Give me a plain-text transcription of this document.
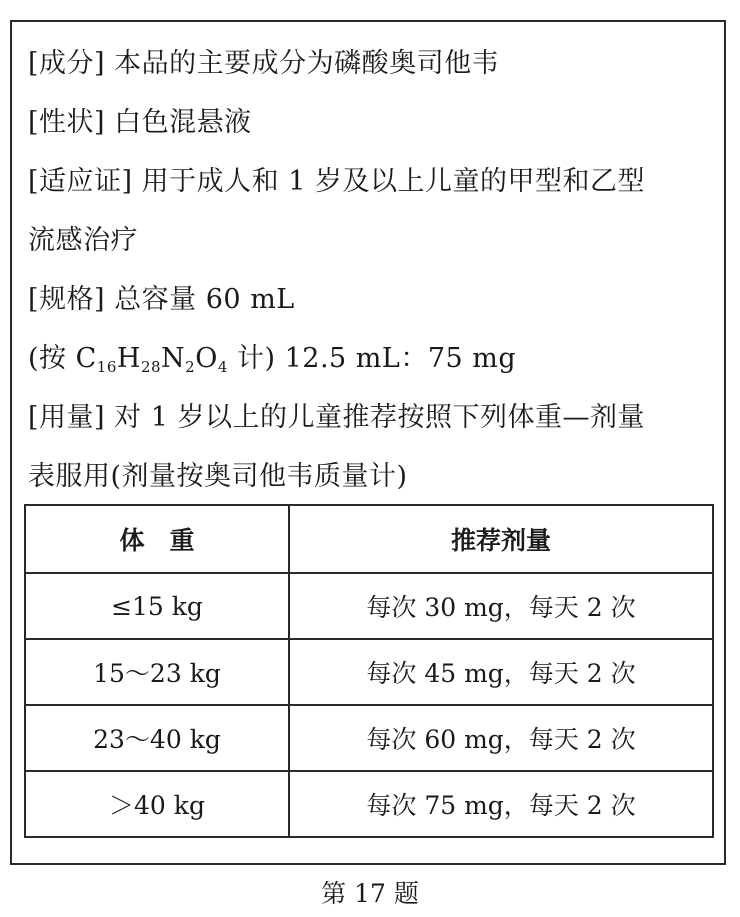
[成分] 本品的主要成分为磷酸奥司他韦
[性状] 白色混悬液
[适应证] 用于成人和 1 岁及以上儿童的甲型和乙型
流感治疗
[规格] 总容量 60 mL
(按 $C_{16}H_{28}N_2O_4$ 计) 12.5 mL：75 mg
[用量] 对 1 岁以上的儿童推荐按照下列体重—剂量
表服用(剂量按奥司他韦质量计)
体　重	推荐剂量
≤15 kg	每次 30 mg，每天 2 次
15～23 kg	每次 45 mg，每天 2 次
23～40 kg	每次 60 mg，每天 2 次
＞40 kg	每次 75 mg，每天 2 次
第 17 题
